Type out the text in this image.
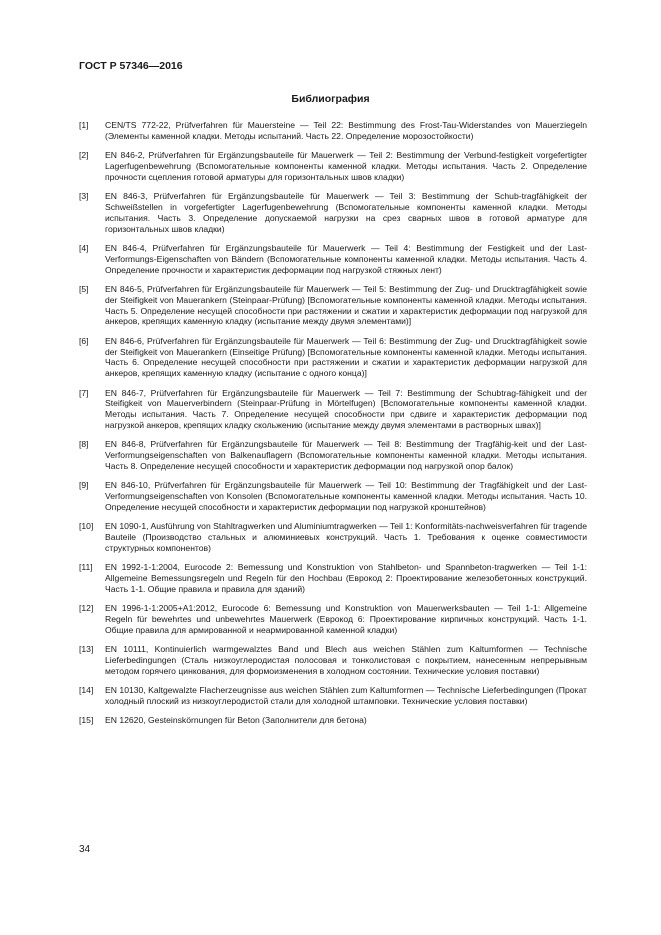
ГОСТ Р 57346—2016
Библиография
[1]	CEN/TS 772-22, Prüfverfahren für Mauersteine — Teil 22: Bestimmung des Frost-Tau-Widerstandes von Mauerziegeln (Элементы каменной кладки. Методы испытаний. Часть 22. Определение морозостойкости)
[2]	EN 846-2, Prüfverfahren für Ergänzungsbauteile für Mauerwerk — Teil 2: Bestimmung der Verbund-festigkeit vorgefertigter Lagerfugenbewehrung (Вспомогательные компоненты каменной кладки. Методы испытания. Часть 2. Определение прочности сцепления готовой арматуры для горизонтальных швов кладки)
[3]	EN 846-3, Prüfverfahren für Ergänzungsbauteile für Mauerwerk — Teil 3: Bestimmung der Schub-tragfähigkeit der Schweißstellen in vorgefertigter Lagerfugenbewehrung (Вспомогательные компоненты каменной кладки. Методы испытания. Часть 3. Определение допускаемой нагрузки на срез сварных швов в готовой арматуре для горизонтальных швов кладки)
[4]	EN 846-4, Prüfverfahren für Ergänzungsbauteile für Mauerwerk — Teil 4: Bestimmung der Festigkeit und der Last-Verformungs-Eigenschaften von Bändern (Вспомогательные компоненты каменной кладки. Методы испытания. Часть 4. Определение прочности и характеристик деформации под нагрузкой стяжных лент)
[5]	EN 846-5, Prüfverfahren für Ergänzungsbauteile für Mauerwerk — Teil 5: Bestimmung der Zug- und Drucktragfähigkeit sowie der Steifigkeit von Mauerankern (Steinpaar-Prüfung) [Вспомогательные компоненты каменной кладки. Методы испытания. Часть 5. Определение несущей способности при растяжении и сжатии и характеристик деформации под нагрузкой для анкеров, крепящих каменную кладку (испытание между двумя элементами)]
[6]	EN 846-6, Prüfverfahren für Ergänzungsbauteile für Mauerwerk — Teil 6: Bestimmung der Zug- und Drucktragfähigkeit sowie der Steifigkeit von Mauerankern (Einseitige Prüfung) [Вспомогательные компоненты каменной кладки. Методы испытания. Часть 6. Определение несущей способности при растяжении и сжатии и характеристик деформации нагрузкой для анкеров, крепящих каменную кладку (испытание с одного конца)]
[7]	EN 846-7, Prüfverfahren für Ergänzungsbauteile für Mauerwerk — Teil 7: Bestimmung der Schubtrag-fähigkeit und der Steifigkeit von Mauerverbindern (Steinpaar-Prüfung in Mörtelfugen) [Вспомогательные компоненты каменной кладки. Методы испытания. Часть 7. Определение несущей способности при сдвиге и характеристик деформации под нагрузкой анкеров, крепящих кладку скольжению (испытание между двумя элементами в растворных швах)]
[8]	EN 846-8, Prüfverfahren für Ergänzungsbauteile für Mauerwerk — Teil 8: Bestimmung der Tragfähig-keit und der Last-Verformungseigenschaften von Balkenauflagern (Вспомогательные компоненты каменной кладки. Методы испытания. Часть 8. Определение несущей способности и характеристик деформации под нагрузкой опор балок)
[9]	EN 846-10, Prüfverfahren für Ergänzungsbauteile für Mauerwerk — Teil 10: Bestimmung der Tragfähigkeit und der Last-Verformungseigenschaften von Konsolen (Вспомогательные компоненты каменной кладки. Методы испытания. Часть 10. Определение несущей способности и характеристик деформации под нагрузкой кронштейнов)
[10]	EN 1090-1, Ausführung von Stahltragwerken und Aluminiumtragwerken — Teil 1: Konformitäts-nachweisverfahren für tragende Bauteile (Производство стальных и алюминиевых конструкций. Часть 1. Требования к оценке совместимости структурных компонентов)
[11]	EN 1992-1-1:2004, Eurocode 2: Bemessung und Konstruktion von Stahlbeton- und Spannbeton-tragwerken — Teil 1-1: Allgemeine Bemessungsregeln und Regeln für den Hochbau (Еврокод 2: Проектирование железобетонных конструкций. Часть 1-1. Общие правила и правила для зданий)
[12]	EN 1996-1-1:2005+A1:2012, Eurocode 6: Bemessung und Konstruktion von Mauerwerksbauten — Teil 1-1: Allgemeine Regeln für bewehrtes und unbewehrtes Mauerwerk (Еврокод 6: Проектирование кирпичных конструкций. Часть 1-1. Общие правила для армированной и неармированной каменной кладки)
[13]	EN 10111, Kontinuierlich warmgewalztes Band und Blech aus weichen Stählen zum Kaltumformen — Technische Lieferbedingungen (Сталь низкоуглеродистая полосовая и тонколистовая с покрытием, нанесенным непрерывным методом горячего цинкования, для формоизменения в холодном состоянии. Технические условия поставки)
[14]	EN 10130, Kaltgewalzte Flacherzeugnisse aus weichen Stählen zum Kaltumformen — Technische Lieferbedingungen (Прокат холодный плоский из низкоуглеродистой стали для холодной штамповки. Технические условия поставки)
[15]	EN 12620, Gesteinskörnungen für Beton (Заполнители для бетона)
34
